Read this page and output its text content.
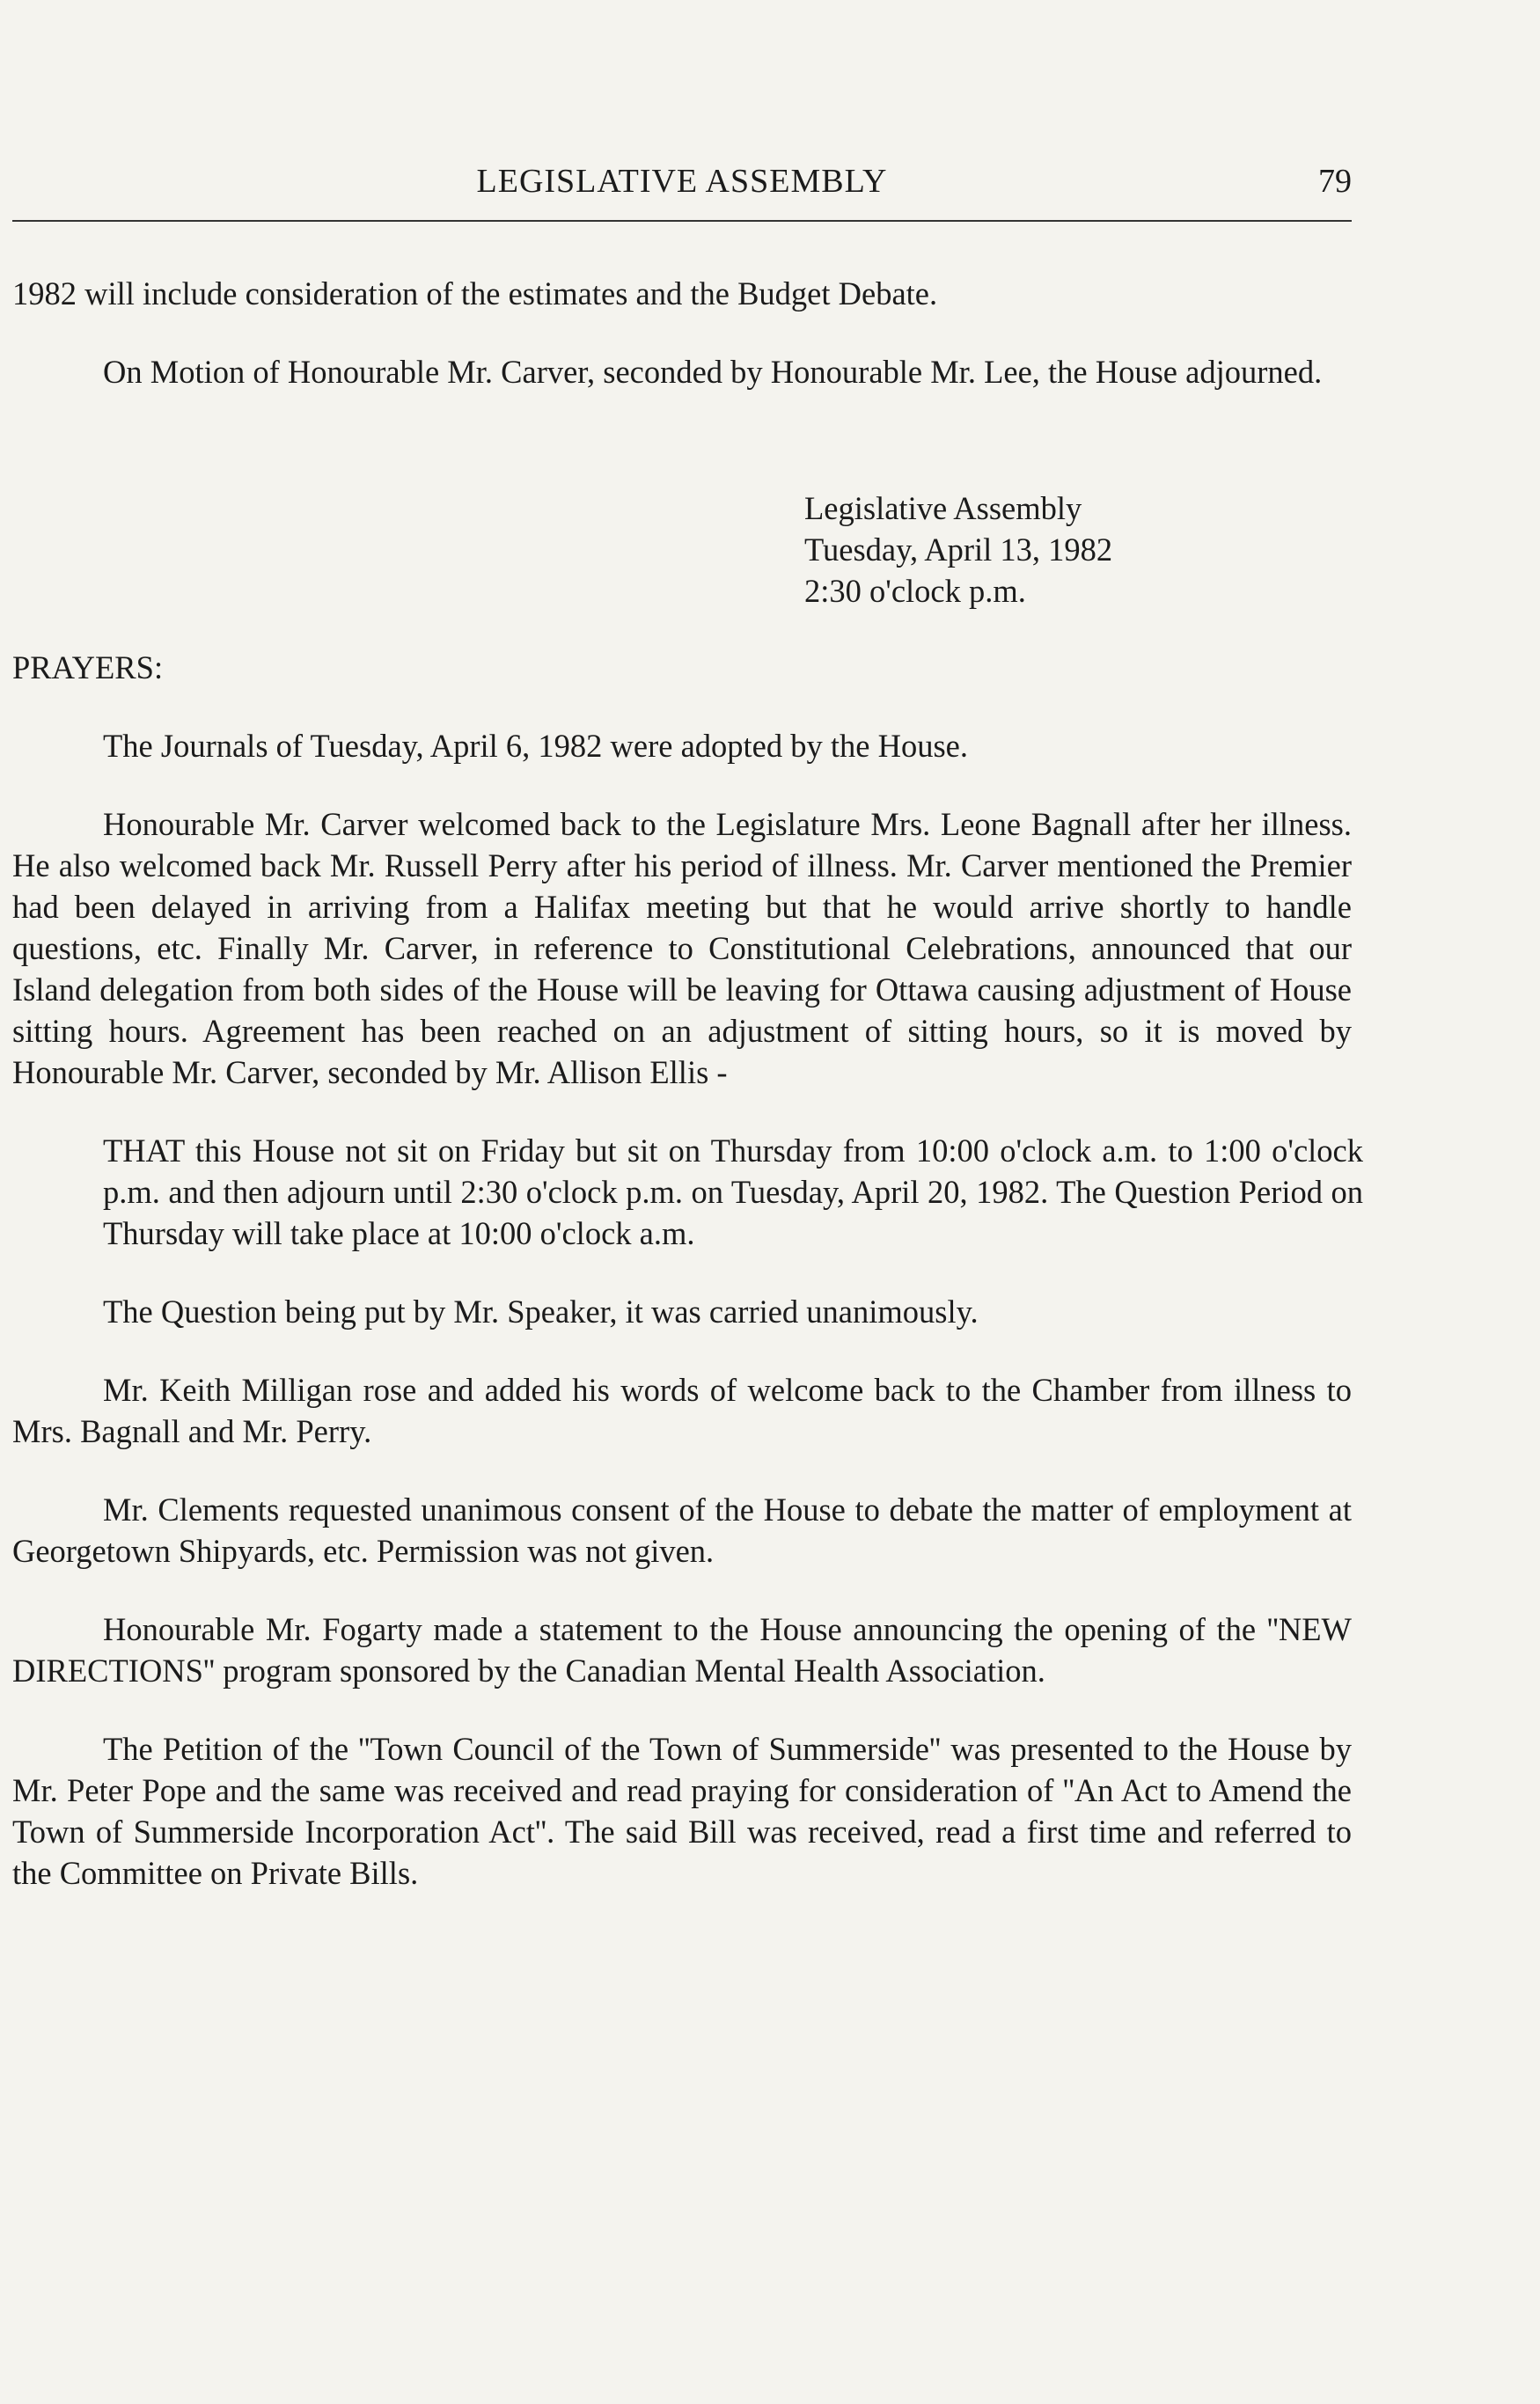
LEGISLATIVE ASSEMBLY	79

1982 will include consideration of the estimates and the Budget Debate.

On Motion of Honourable Mr. Carver, seconded by Honourable Mr. Lee, the House adjourned.

Legislative Assembly
Tuesday, April 13, 1982
2:30 o'clock p.m.
PRAYERS:

The Journals of Tuesday, April 6, 1982 were adopted by the House.

Honourable Mr. Carver welcomed back to the Legislature Mrs. Leone Bagnall after her illness. He also welcomed back Mr. Russell Perry after his period of illness. Mr. Carver mentioned the Premier had been delayed in arriving from a Halifax meeting but that he would arrive shortly to handle questions, etc. Finally Mr. Carver, in reference to Constitutional Celebrations, announced that our Island delegation from both sides of the House will be leaving for Ottawa causing adjustment of House sitting hours. Agreement has been reached on an adjustment of sitting hours, so it is moved by Honourable Mr. Carver, seconded by Mr. Allison Ellis -

THAT this House not sit on Friday but sit on Thursday from 10:00 o'clock a.m. to 1:00 o'clock p.m. and then adjourn until 2:30 o'clock p.m. on Tuesday, April 20, 1982. The Question Period on Thursday will take place at 10:00 o'clock a.m.

The Question being put by Mr. Speaker, it was carried unanimously.

Mr. Keith Milligan rose and added his words of welcome back to the Chamber from illness to Mrs. Bagnall and Mr. Perry.

Mr. Clements requested unanimous consent of the House to debate the matter of employment at Georgetown Shipyards, etc. Permission was not given.

Honourable Mr. Fogarty made a statement to the House announcing the opening of the ''NEW DIRECTIONS'' program sponsored by the Canadian Mental Health Association.

The Petition of the ''Town Council of the Town of Summerside'' was presented to the House by Mr. Peter Pope and the same was received and read praying for consideration of ''An Act to Amend the Town of Summerside Incorporation Act''. The said Bill was received, read a first time and referred to the Committee on Private Bills.
